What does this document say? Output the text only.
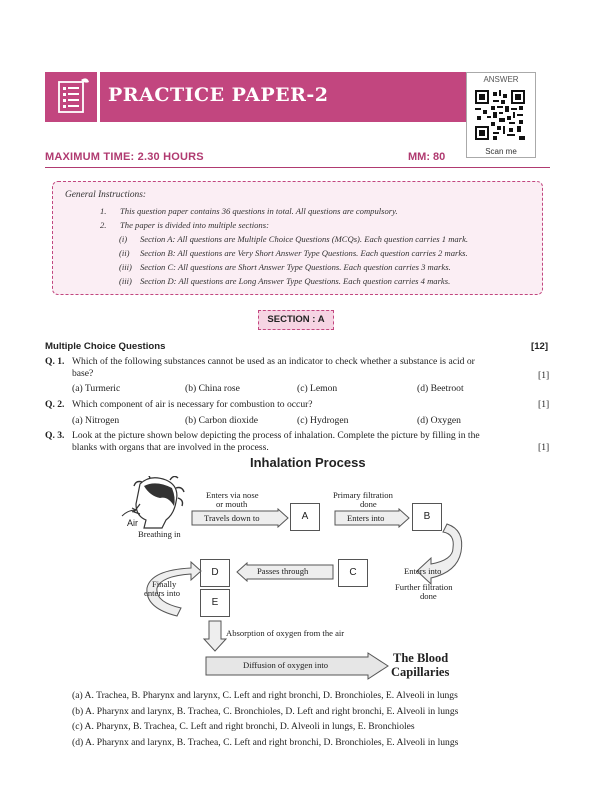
PRACTICE PAPER-2
ANSWER
Scan me
MAXIMUM TIME: 2.30 HOURS	MM: 80
General Instructions:
1. This question paper contains 36 questions in total. All questions are compulsory.
2. The paper is divided into multiple sections:
(i) Section A: All questions are Multiple Choice Questions (MCQs). Each question carries 1 mark.
(ii) Section B: All questions are Very Short Answer Type Questions. Each question carries 2 marks.
(iii) Section C: All questions are Short Answer Type Questions. Each question carries 3 marks.
(iii) Section D: All questions are Long Answer Type Questions. Each question carries 4 marks.
SECTION : A
Multiple Choice Questions	[12]
Q. 1. Which of the following substances cannot be used as an indicator to check whether a substance is acid or
base?	[1]
(a) Turmeric	(b) China rose	(c) Lemon	(d) Beetroot
Q. 2. Which component of air is necessary for combustion to occur?	[1]
(a) Nitrogen	(b) Carbon dioxide	(c) Hydrogen	(d) Oxygen
Q. 3. Look at the picture shown below depicting the process of inhalation. Complete the picture by filling in the
blanks with organs that are involved in the process.	[1]
Inhalation Process
Air
Breathing in
Enters via nose
or mouth
Travels down to	A
Primary filtration
done
Enters into	B
Enters into
Further filtration
done
C
Passes through
D
E
Finally
enters into
Absorption of oxygen from the air
Diffusion of oxygen into	The Blood
Capillaries
(a) A. Trachea, B. Pharynx and larynx, C. Left and right bronchi, D. Bronchioles, E. Alveoli in lungs
(b) A. Pharynx and larynx, B. Trachea, C. Bronchioles, D. Left and right bronchi, E. Alveoli in lungs
(c) A. Pharynx, B. Trachea, C. Left and right bronchi, D. Alveoli in lungs, E. Bronchioles
(d) A. Pharynx and larynx, B. Trachea, C. Left and right bronchi, D. Bronchioles, E. Alveoli in lungs
